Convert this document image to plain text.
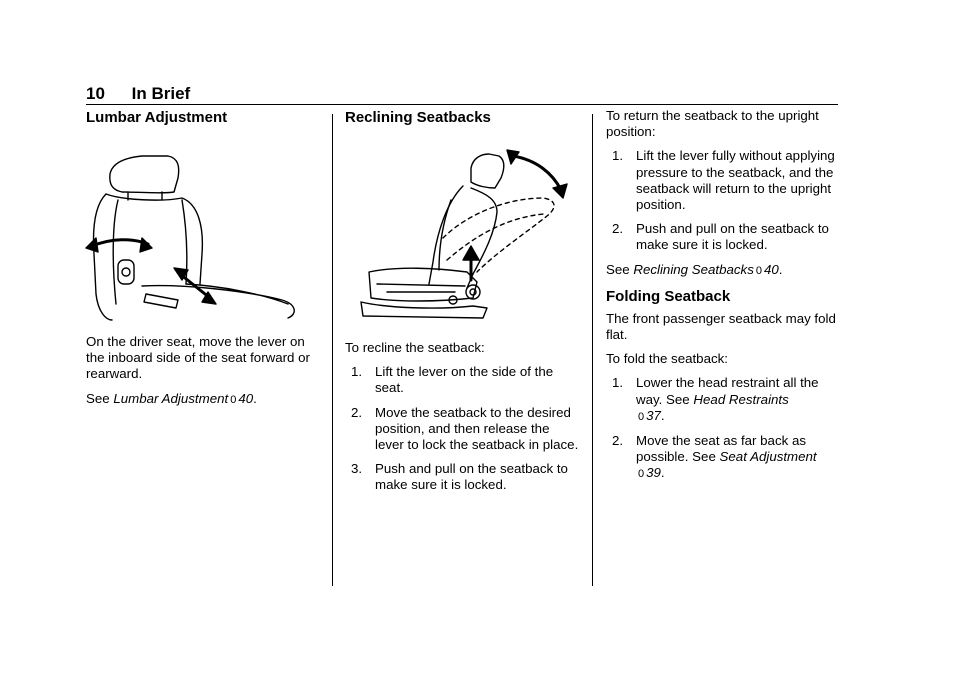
10 In Brief
Lumbar Adjustment

On the driver seat, move the lever on the inboard side of the seat forward or rearward.

See Lumbar Adjustment 0 40.

Reclining Seatbacks

To recline the seatback:

1. Lift the lever on the side of the seat.
2. Move the seatback to the desired position, and then release the lever to lock the seatback in place.
3. Push and pull on the seatback to make sure it is locked.

To return the seatback to the upright position:

1. Lift the lever fully without applying pressure to the seatback, and the seatback will return to the upright position.
2. Push and pull on the seatback to make sure it is locked.

See Reclining Seatbacks 0 40.

Folding Seatback

The front passenger seatback may fold flat.

To fold the seatback:

1. Lower the head restraint all the way. See Head Restraints
0 37.
2. Move the seat as far back as possible. See Seat Adjustment
0 39.
